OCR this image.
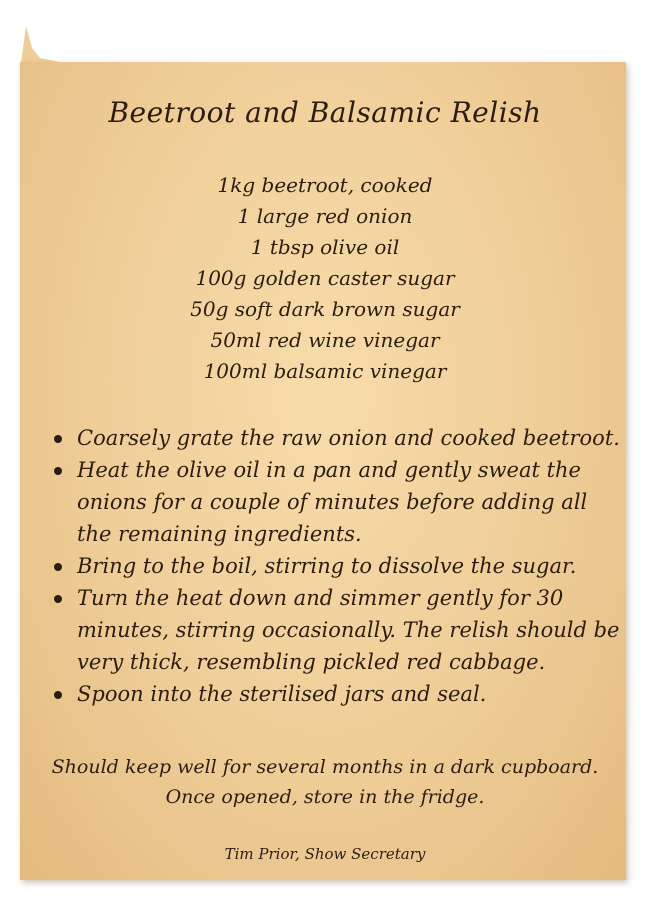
Beetroot and Balsamic Relish
1kg beetroot, cooked
1 large red onion
1 tbsp olive oil
100g golden caster sugar
50g soft dark brown sugar
50ml red wine vinegar
100ml balsamic vinegar
Coarsely grate the raw onion and cooked beetroot.
Heat the olive oil in a pan and gently sweat the onions for a couple of minutes before adding all the remaining ingredients.
Bring to the boil, stirring to dissolve the sugar.
Turn the heat down and simmer gently for 30 minutes, stirring occasionally. The relish should be very thick, resembling pickled red cabbage.
Spoon into the sterilised jars and seal.
Should keep well for several months in a dark cupboard.
Once opened, store in the fridge.
Tim Prior, Show Secretary
